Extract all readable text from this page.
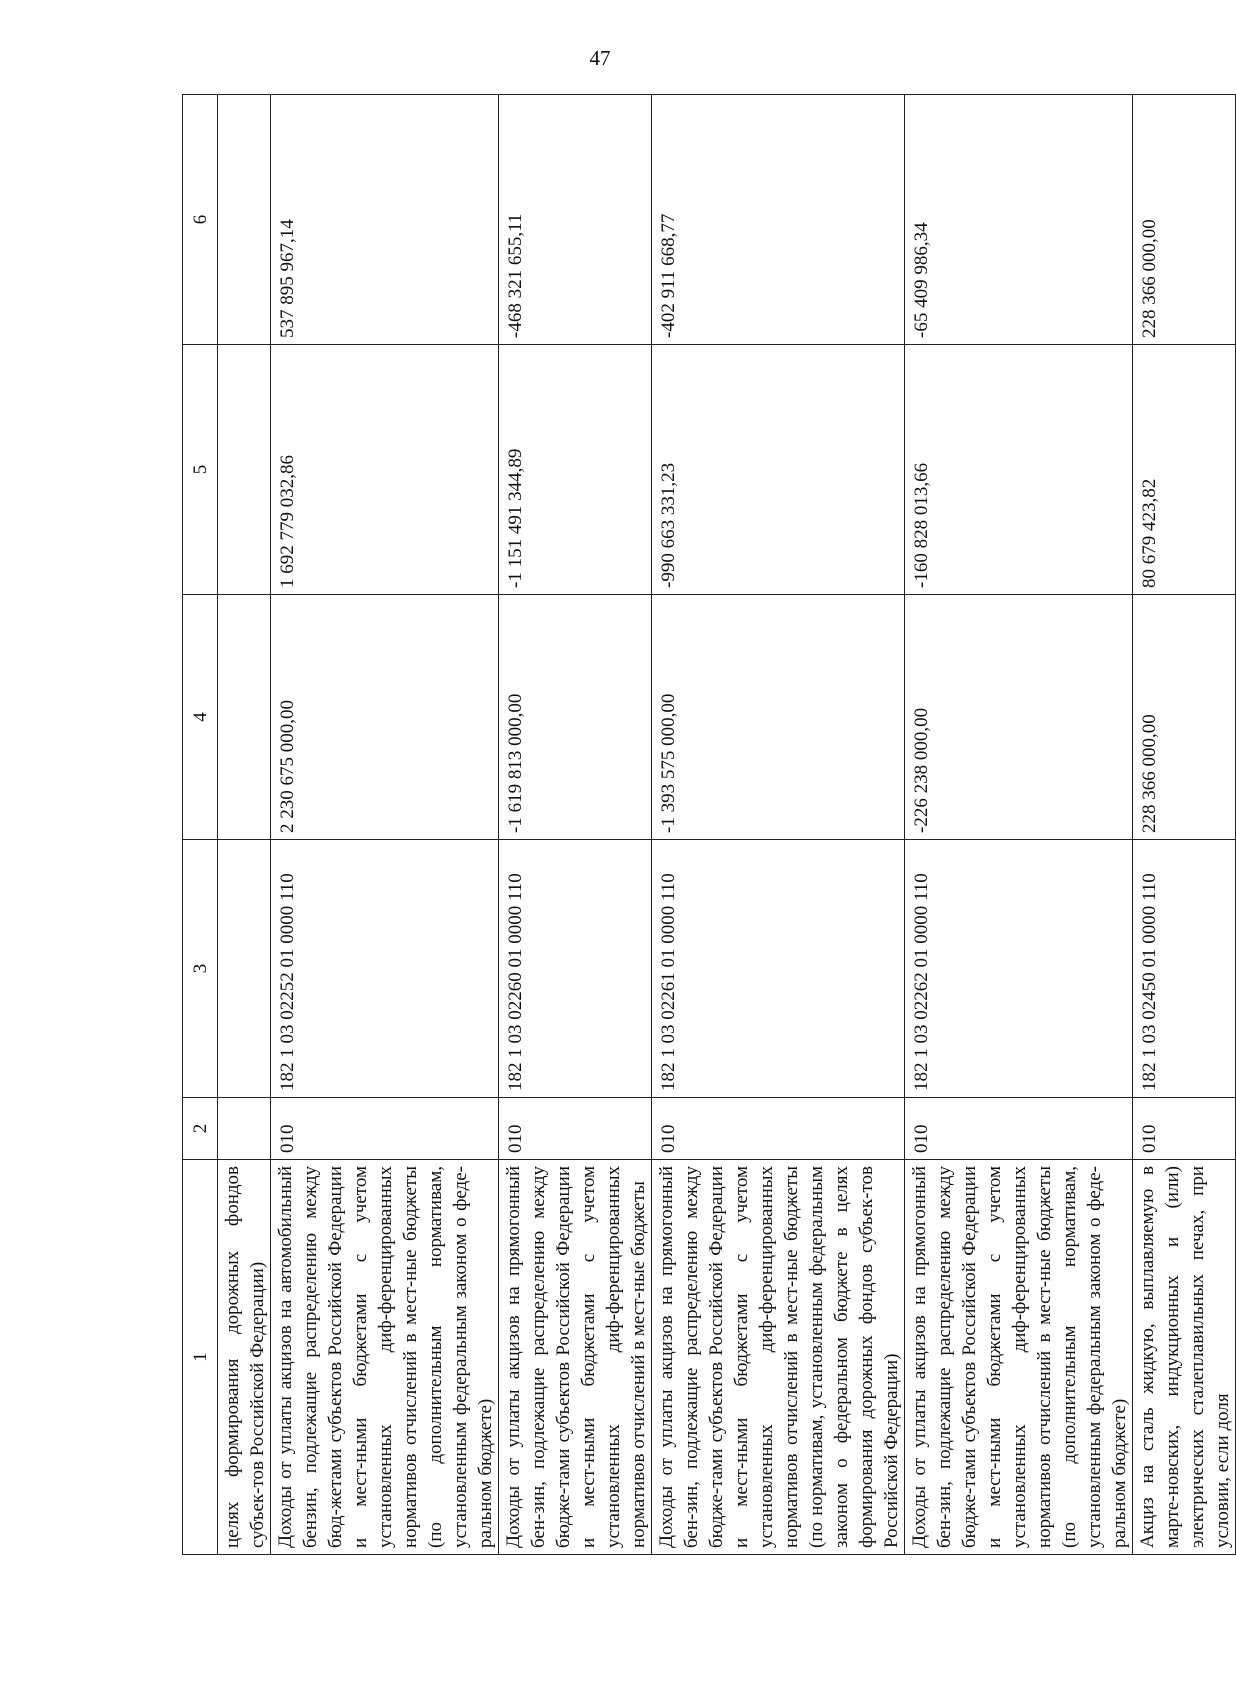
47
1	2	3	4	5	6
целях формирования дорожных фондов субъек-тов Российской Федерации)					
Доходы от уплаты акцизов на автомобильный бензин, подлежащие распределению между бюд-жетами субъектов Российской Федерации и мест-ными бюджетами с учетом установленных диф-ференцированных нормативов отчислений в мест-ные бюджеты (по дополнительным нормативам, установленным федеральным законом о феде-ральном бюджете)	010	182 1 03 02252 01 0000 110	2 230 675 000,00	1 692 779 032,86	537 895 967,14
Доходы от уплаты акцизов на прямогонный бен-зин, подлежащие распределению между бюдже-тами субъектов Российской Федерации и мест-ными бюджетами с учетом установленных диф-ференцированных нормативов отчислений в мест-ные бюджеты	010	182 1 03 02260 01 0000 110	-1 619 813 000,00	-1 151 491 344,89	-468 321 655,11
Доходы от уплаты акцизов на прямогонный бен-зин, подлежащие распределению между бюдже-тами субъектов Российской Федерации и мест-ными бюджетами с учетом установленных диф-ференцированных нормативов отчислений в мест-ные бюджеты (по нормативам, установленным федеральным законом о федеральном бюджете в целях формирования дорожных фондов субъек-тов Российской Федерации)	010	182 1 03 02261 01 0000 110	-1 393 575 000,00	-990 663 331,23	-402 911 668,77
Доходы от уплаты акцизов на прямогонный бен-зин, подлежащие распределению между бюдже-тами субъектов Российской Федерации и мест-ными бюджетами с учетом установленных диф-ференцированных нормативов отчислений в мест-ные бюджеты (по дополнительным нормативам, установленным федеральным законом о феде-ральном бюджете)	010	182 1 03 02262 01 0000 110	-226 238 000,00	-160 828 013,66	-65 409 986,34
Акциз на сталь жидкую, выплавляемую в марте-новских, индукционных и (или) электрических сталеплавильных печах, при условии, если доля	010	182 1 03 02450 01 0000 110	228 366 000,00	80 679 423,82	228 366 000,00
